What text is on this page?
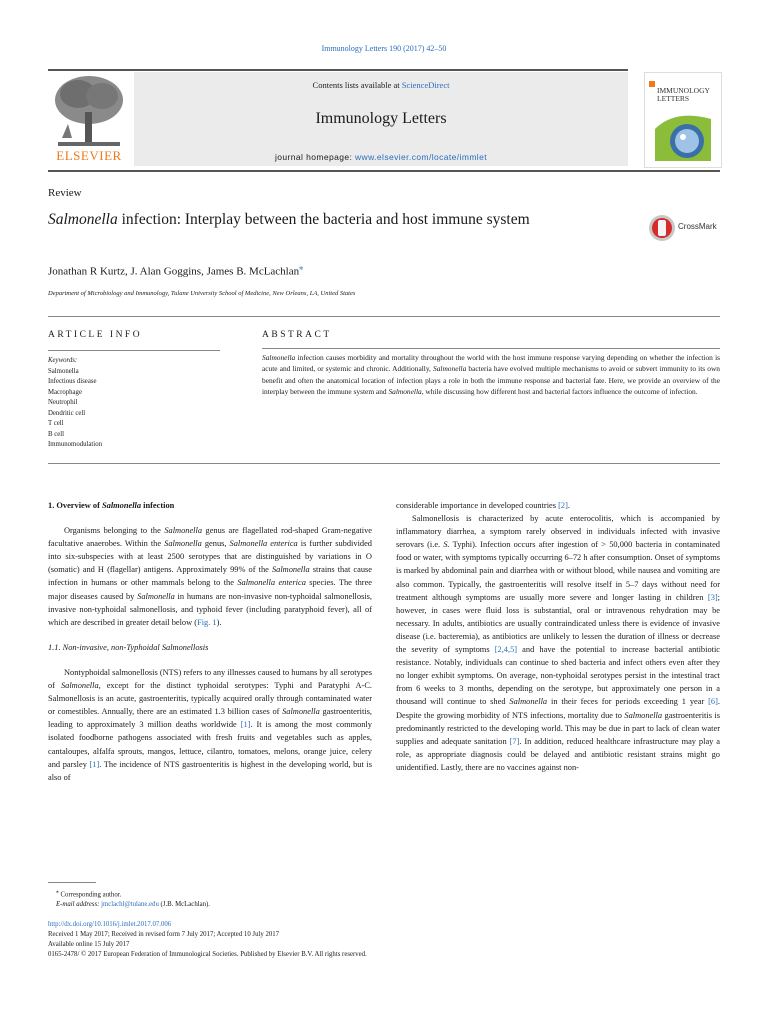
Immunology Letters 190 (2017) 42–50
ELSEVIER
Contents lists available at ScienceDirect
Immunology Letters
journal homepage: www.elsevier.com/locate/immlet
IMMUNOLOGY
LETTERS
Review
Salmonella infection: Interplay between the bacteria and host immune system	CrossMark
Jonathan R Kurtz, J. Alan Goggins, James B. McLachlan⁎
Department of Microbiology and Immunology, Tulane University School of Medicine, New Orleans, LA, United States
ARTICLE INFO	ABSTRACT
Keywords:
Salmonella
Infectious disease
Macrophage
Neutrophil
Dendritic cell
T cell
B cell
Immunomodulation
Salmonella infection causes morbidity and mortality throughout the world with the host immune response varying depending on whether the infection is acute and limited, or systemic and chronic. Additionally, Salmonella bacteria have evolved multiple mechanisms to avoid or subvert immunity to its own benefit and often the anatomical location of infection plays a role in both the immune response and bacterial fate. Here, we provide an overview of the interplay between the immune system and Salmonella, while discussing how different host and bacterial factors influence the outcome of infection.
1. Overview of Salmonella infection

Organisms belonging to the Salmonella genus are flagellated rod-shaped Gram-negative facultative anaerobes. Within the Salmonella genus, Salmonella enterica is further subdivided into six-subspecies with at least 2500 serotypes that are distinguished by variations in O (somatic) and H (flagellar) antigens. Approximately 99% of the Salmonella strains that cause infection in humans or other mammals belong to the Salmonella enterica species. The three major diseases caused by Salmonella in humans are non-invasive non-typhoidal salmonellosis, invasive non-typhoidal salmonellosis, and typhoid fever (including paratyphoid fever), all of which are described in greater detail below (Fig. 1).

1.1. Non-invasive, non-Typhoidal Salmonellosis

Nontyphoidal salmonellosis (NTS) refers to any illnesses caused to humans by all serotypes of Salmonella, except for the distinct typhoidal serotypes: Typhi and Paratyphi A-C. Salmonellosis is an acute, gastroenteritis, typically acquired orally through contaminated water or comestibles. Annually, there are an estimated 1.3 billion cases of Salmonella gastroenteritis, leading to approximately 3 million deaths worldwide [1]. It is among the most commonly isolated foodborne pathogens associated with fresh fruits and vegetables such as apples, cantaloupes, alfalfa sprouts, mangos, lettuce, cilantro, tomatoes, melons, orange juice, celery and parsley [1]. The incidence of NTS gastroenteritis is highest in the developing world, but is also of

considerable importance in developed countries [2].

Salmonellosis is characterized by acute enterocolitis, which is accompanied by inflammatory diarrhea, a symptom rarely observed in individuals infected with invasive serovars (i.e. S. Typhi). Infection occurs after ingestion of > 50,000 bacteria in contaminated food or water, with symptoms typically occurring 6–72 h after consumption. Onset of symptoms is marked by abdominal pain and diarrhea with or without blood, while nausea and vomiting are also common. Typically, the gastroenteritis will resolve itself in 5–7 days without need for treatment although symptoms are usually more severe and longer lasting in children [3]; however, in cases were fluid loss is substantial, oral or intravenous rehydration may be necessary. In adults, antibiotics are usually contraindicated unless there is evidence of invasive disease (i.e. bacteremia), as antibiotics are unlikely to lessen the duration of illness or decrease the severity of symptoms [2,4,5] and have the potential to increase bacterial antibiotic resistance. Notably, individuals can continue to shed bacteria and infect others even after they no longer exhibit symptoms. On average, non-typhoidal serotypes persist in the intestinal tract from 6 weeks to 3 months, depending on the serotype, but approximately one person in a thousand will continue to shed Salmonella in their feces for periods exceeding 1 year [6]. Despite the growing morbidity of NTS infections, mortality due to Salmonella gastroenteritis is predominantly restricted to the developing world. This may be due in part to lack of clean water supplies and adequate sanitation [7]. In addition, reduced healthcare infrastructure may play a role, as appropriate diagnosis could be delayed and antibiotic resistant strains might go unidentified. Lastly, there are no vaccines against non-

⁎ Corresponding author.
E-mail address: jmclachl@tulane.edu (J.B. McLachlan).
http://dx.doi.org/10.1016/j.imlet.2017.07.006
Received 1 May 2017; Received in revised form 7 July 2017; Accepted 10 July 2017
Available online 15 July 2017
0165-2478/ © 2017 European Federation of Immunological Societies. Published by Elsevier B.V. All rights reserved.
